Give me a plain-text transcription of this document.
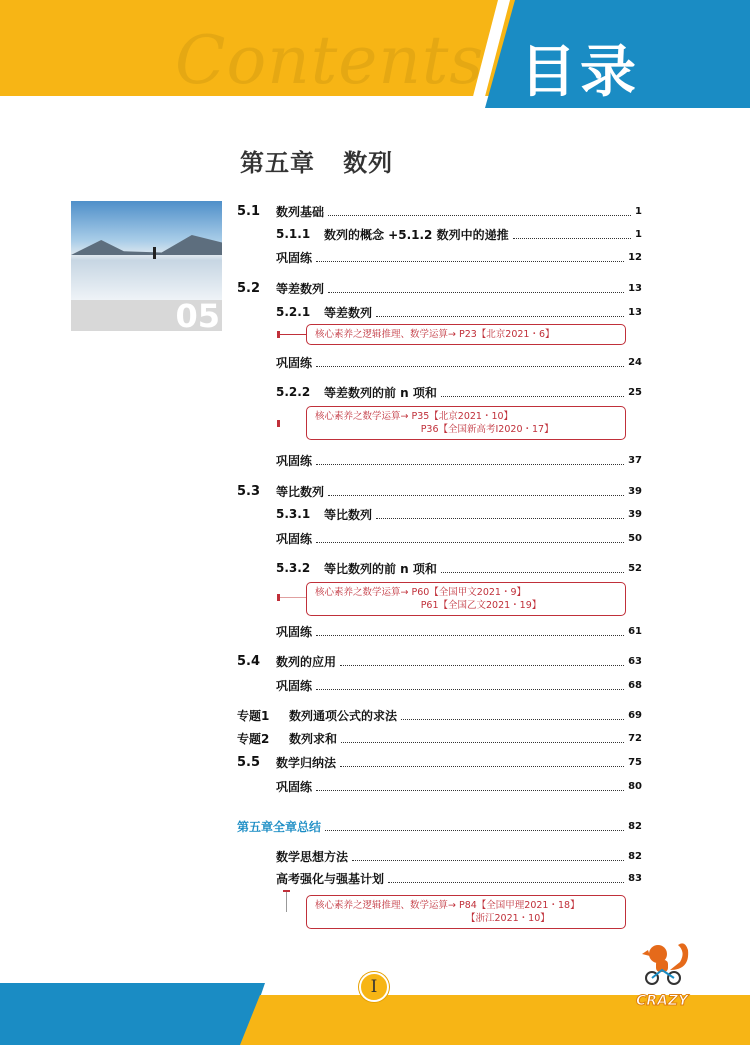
Contents 目录
第五章   数列
05
5.1	数列基础	1
5.1.1	数列的概念 +5.1.2 数列中的递推	1
巩固练	12
5.2	等差数列	13
5.2.1	等差数列	13
核心素养之逻辑推理、数学运算→ P23【北京2021・6】
巩固练	24
5.2.2	等差数列的前 n 项和	25
核心素养之数学运算→ P35【北京2021・10】
P36【全国新高考I2020・17】
巩固练	37
5.3	等比数列	39
5.3.1	等比数列	39
巩固练	50
5.3.2	等比数列的前 n 项和	52
核心素养之数学运算→ P60【全国甲文2021・9】
P61【全国乙文2021・19】
巩固练	61
5.4	数列的应用	63
巩固练	68
专题1	数列通项公式的求法	69
专题2	数列求和	72
5.5	数学归纳法	75
巩固练	80
第五章全章总结	82
数学思想方法	82
高考强化与强基计划	83
核心素养之逻辑推理、数学运算→ P84【全国甲理2021・18】
【浙江2021・10】
I
CRAZY
